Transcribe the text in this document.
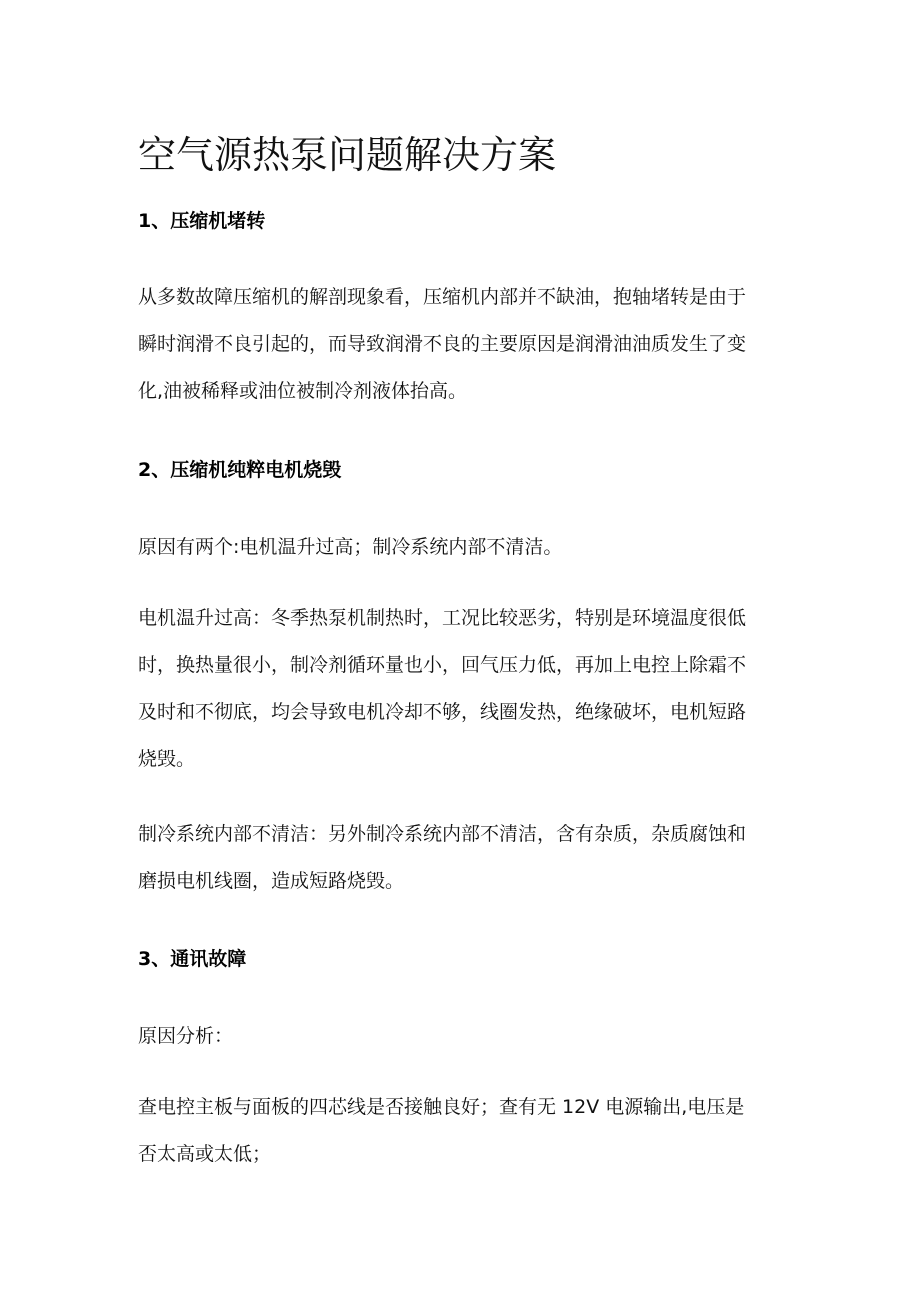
空气源热泵问题解决方案
1、压缩机堵转
从多数故障压缩机的解剖现象看，压缩机内部并不缺油，抱轴堵转是由于
瞬时润滑不良引起的，而导致润滑不良的主要原因是润滑油油质发生了变
化,油被稀释或油位被制冷剂液体抬高。
2、压缩机纯粹电机烧毁
原因有两个:电机温升过高；制冷系统内部不清洁。
电机温升过高：冬季热泵机制热时，工况比较恶劣，特别是环境温度很低
时，换热量很小，制冷剂循环量也小，回气压力低，再加上电控上除霜不
及时和不彻底，均会导致电机冷却不够，线圈发热，绝缘破坏，电机短路
烧毁。
制冷系统内部不清洁：另外制冷系统内部不清洁，含有杂质，杂质腐蚀和
磨损电机线圈，造成短路烧毁。
3、通讯故障
原因分析：
查电控主板与面板的四芯线是否接触良好；查有无 12V 电源输出,电压是
否太高或太低；
